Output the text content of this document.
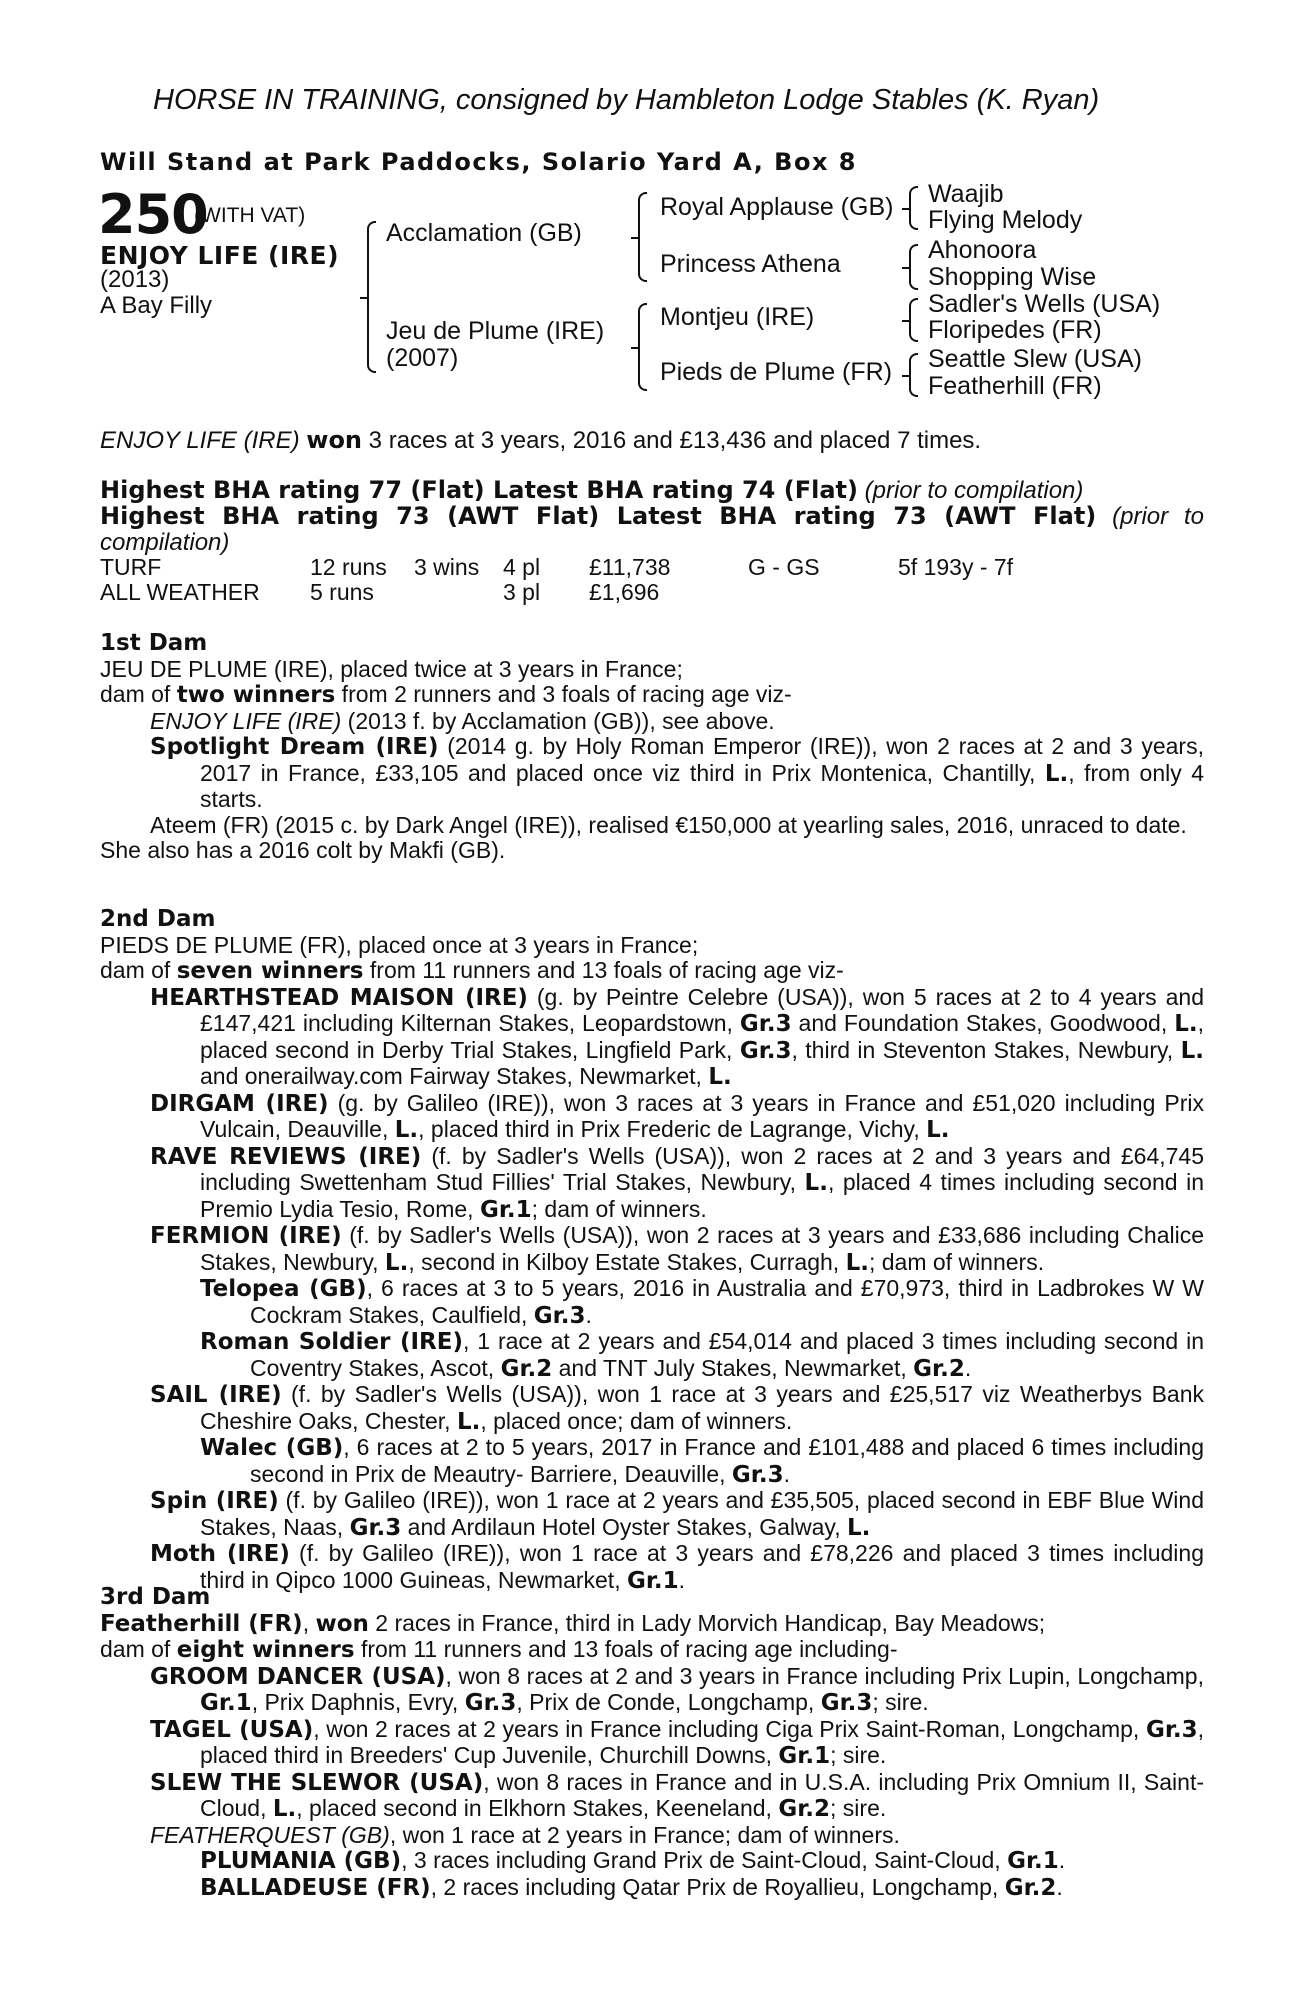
HORSE IN TRAINING, consigned by Hambleton Lodge Stables (K. Ryan)
Will Stand at Park Paddocks, Solario Yard A, Box 8
250
(WITH VAT)
ENJOY LIFE (IRE)
(2013)
A Bay Filly
Acclamation (GB)
Jeu de Plume (IRE)
(2007)
Royal Applause (GB)
Princess Athena
Montjeu (IRE)
Pieds de Plume (FR)
Waajib
Flying Melody
Ahonoora
Shopping Wise
Sadler's Wells (USA)
Floripedes (FR)
Seattle Slew (USA)
Featherhill (FR)
ENJOY LIFE (IRE) won 3 races at 3 years, 2016 and £13,436 and placed 7 times.
Highest BHA rating 77 (Flat) Latest BHA rating 74 (Flat) (prior to compilation)
Highest BHA rating 73 (AWT Flat) Latest BHA rating 73 (AWT Flat) (prior to compilation)
TURF	12 runs 3 wins 4 pl £11,738	G - GS	5f 193y - 7f
ALL WEATHER 5 runs	3 pl £1,696
1st Dam
JEU DE PLUME (IRE), placed twice at 3 years in France;
dam of two winners from 2 runners and 3 foals of racing age viz-
ENJOY LIFE (IRE) (2013 f. by Acclamation (GB)), see above.
Spotlight Dream (IRE) (2014 g. by Holy Roman Emperor (IRE)), won 2 races at 2 and 3 years, 2017 in France, £33,105 and placed once viz third in Prix Montenica, Chantilly, L., from only 4 starts.
Ateem (FR) (2015 c. by Dark Angel (IRE)), realised €150,000 at yearling sales, 2016, unraced to date.
She also has a 2016 colt by Makfi (GB).
2nd Dam
PIEDS DE PLUME (FR), placed once at 3 years in France;
dam of seven winners from 11 runners and 13 foals of racing age viz-
HEARTHSTEAD MAISON (IRE) (g. by Peintre Celebre (USA)), won 5 races at 2 to 4 years and £147,421 including Kilternan Stakes, Leopardstown, Gr.3 and Foundation Stakes, Goodwood, L., placed second in Derby Trial Stakes, Lingfield Park, Gr.3, third in Steventon Stakes, Newbury, L. and onerailway.com Fairway Stakes, Newmarket, L.
DIRGAM (IRE) (g. by Galileo (IRE)), won 3 races at 3 years in France and £51,020 including Prix Vulcain, Deauville, L., placed third in Prix Frederic de Lagrange, Vichy, L.
RAVE REVIEWS (IRE) (f. by Sadler's Wells (USA)), won 2 races at 2 and 3 years and £64,745 including Swettenham Stud Fillies' Trial Stakes, Newbury, L., placed 4 times including second in Premio Lydia Tesio, Rome, Gr.1; dam of winners.
FERMION (IRE) (f. by Sadler's Wells (USA)), won 2 races at 3 years and £33,686 including Chalice Stakes, Newbury, L., second in Kilboy Estate Stakes, Curragh, L.; dam of winners.
Telopea (GB), 6 races at 3 to 5 years, 2016 in Australia and £70,973, third in Ladbrokes W W Cockram Stakes, Caulfield, Gr.3.
Roman Soldier (IRE), 1 race at 2 years and £54,014 and placed 3 times including second in Coventry Stakes, Ascot, Gr.2 and TNT July Stakes, Newmarket, Gr.2.
SAIL (IRE) (f. by Sadler's Wells (USA)), won 1 race at 3 years and £25,517 viz Weatherbys Bank Cheshire Oaks, Chester, L., placed once; dam of winners.
Walec (GB), 6 races at 2 to 5 years, 2017 in France and £101,488 and placed 6 times including second in Prix de Meautry- Barriere, Deauville, Gr.3.
Spin (IRE) (f. by Galileo (IRE)), won 1 race at 2 years and £35,505, placed second in EBF Blue Wind Stakes, Naas, Gr.3 and Ardilaun Hotel Oyster Stakes, Galway, L.
Moth (IRE) (f. by Galileo (IRE)), won 1 race at 3 years and £78,226 and placed 3 times including third in Qipco 1000 Guineas, Newmarket, Gr.1.
3rd Dam
Featherhill (FR), won 2 races in France, third in Lady Morvich Handicap, Bay Meadows;
dam of eight winners from 11 runners and 13 foals of racing age including-
GROOM DANCER (USA), won 8 races at 2 and 3 years in France including Prix Lupin, Longchamp, Gr.1, Prix Daphnis, Evry, Gr.3, Prix de Conde, Longchamp, Gr.3; sire.
TAGEL (USA), won 2 races at 2 years in France including Ciga Prix Saint-Roman, Longchamp, Gr.3, placed third in Breeders' Cup Juvenile, Churchill Downs, Gr.1; sire.
SLEW THE SLEWOR (USA), won 8 races in France and in U.S.A. including Prix Omnium II, Saint-Cloud, L., placed second in Elkhorn Stakes, Keeneland, Gr.2; sire.
FEATHERQUEST (GB), won 1 race at 2 years in France; dam of winners.
PLUMANIA (GB), 3 races including Grand Prix de Saint-Cloud, Saint-Cloud, Gr.1.
BALLADEUSE (FR), 2 races including Qatar Prix de Royallieu, Longchamp, Gr.2.
